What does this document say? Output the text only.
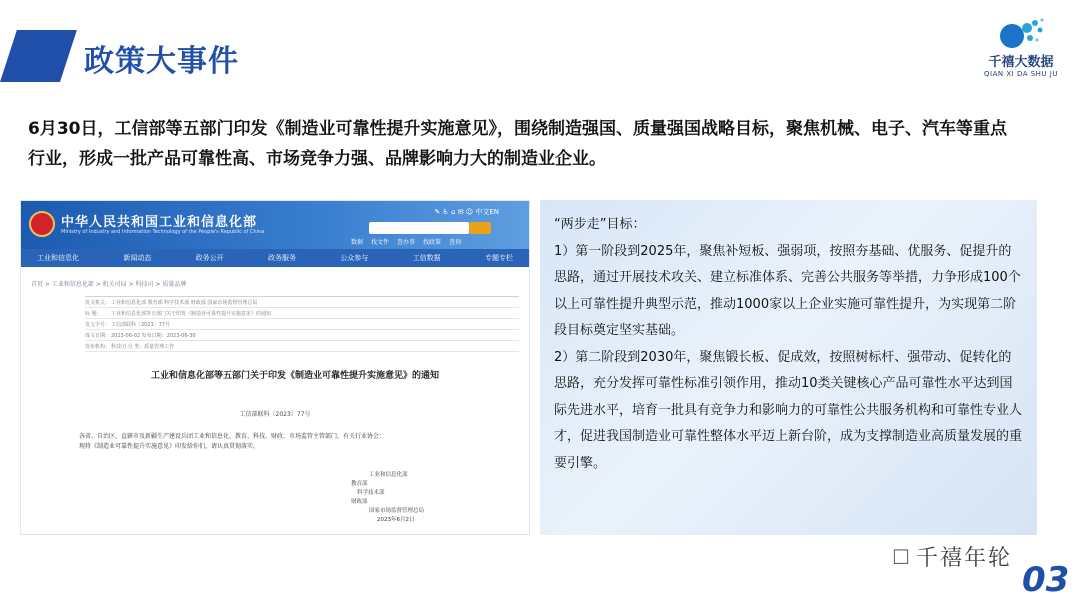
政策大事件	千禧大数据
QIAN XI DA SHU JU
6月30日，工信部等五部门印发《制造业可靠性提升实施意见》，围绕制造强国、质量强国战略目标，聚焦机械、电子、汽车等重点行业，形成一批产品可靠性高、市场竞争力强、品牌影响力大的制造业企业。
中华人民共和国工业和信息化部
Ministry of Industry and Information Technology of the People's Republic of China
✎ ♿ ⌂ ✉ ☺ 中文EN
数据 找文件 查办事 找政策 查询
工业和信息化	新闻动态	政务公开	政务服务	公众参与	工信数据	专题专栏
首页 > 工业和信息化部 > 机关司局 > 科技司 > 质量品牌
发文机关： 工业和信息化部 教育部 科学技术部 财政部 国家市场监督管理总局
标 题：	工业和信息化部等五部门关于印发《制造业可靠性提升实施意见》的通知
发文字号： 工信部联科〔2023〕77号
成文日期： 2023-06-02 发布日期：2023-06-30
发布机构： 科技司 分 类：质量管理工作
工业和信息化部等五部门关于印发《制造业可靠性提升实施意见》的通知
工信部联科〔2023〕77号
各省、自治区、直辖市及新疆生产建设兵团工业和信息化、教育、科技、财政、市场监管主管部门，有关行业协会：
现将《制造业可靠性提升实施意见》印发给你们，请认真贯彻落实。
工业和信息化部
教育部
科学技术部
财政部
国家市场监督管理总局
2023年6月2日

“两步走”目标：

1）第一阶段到2025年，聚焦补短板、强弱项，按照夯基础、优服务、促提升的思路，通过开展技术攻关、建立标准体系、完善公共服务等举措，力争形成100个以上可靠性提升典型示范，推动1000家以上企业实施可靠性提升，为实现第二阶段目标奠定坚实基础。

2）第二阶段到2030年，聚焦锻长板、促成效，按照树标杆、强带动、促转化的思路，充分发挥可靠性标准引领作用，推动10类关键核心产品可靠性水平达到国际先进水平，培育一批具有竞争力和影响力的可靠性公共服务机构和可靠性专业人才，促进我国制造业可靠性整体水平迈上新台阶，成为支撑制造业高质量发展的重要引擎。

☐ 千禧年轮
03
